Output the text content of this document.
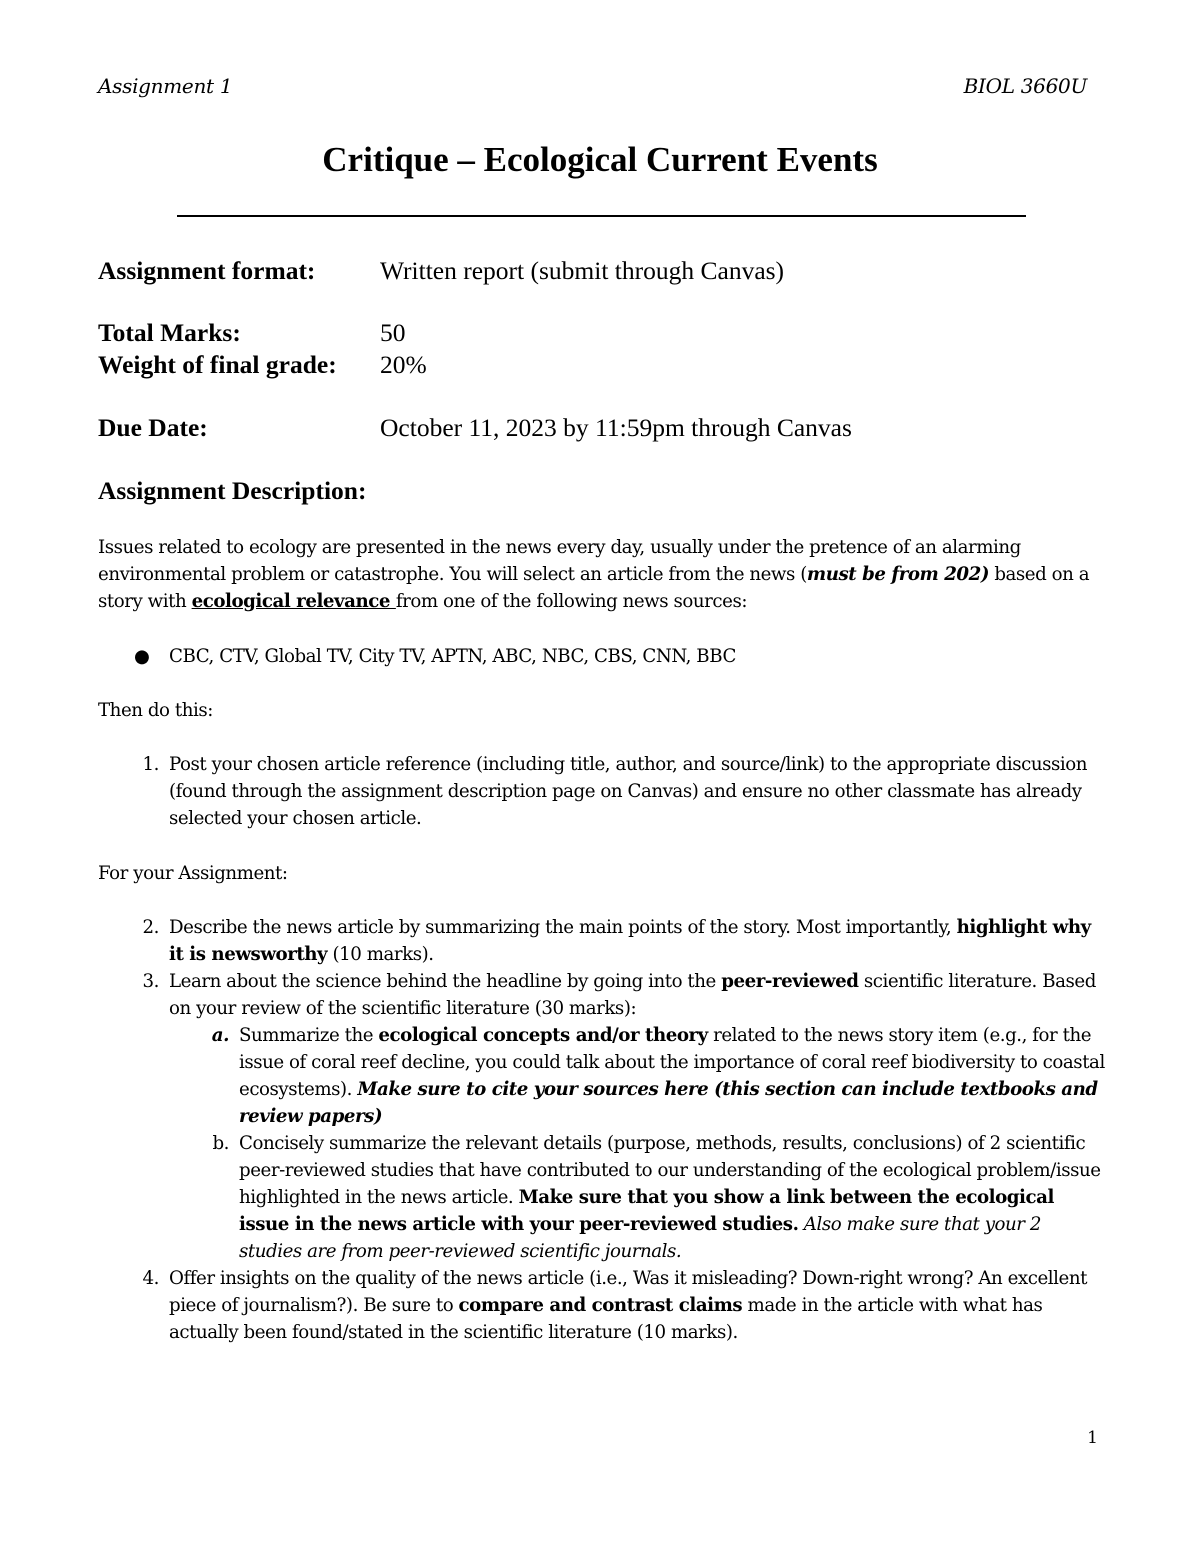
Assignment 1	BIOL 3660U
Critique – Ecological Current Events
Assignment format:	Written report (submit through Canvas)
Total Marks:	50
Weight of final grade:	20%
Due Date:	October 11, 2023 by 11:59pm through Canvas
Assignment Description:
Issues related to ecology are presented in the news every day, usually under the pretence of an alarming environmental problem or catastrophe. You will select an article from the news (must be from 202) based on a story with ecological relevance from one of the following news sources:
●	CBC, CTV, Global TV, City TV, APTN, ABC, NBC, CBS, CNN, BBC
Then do this:
1. Post your chosen article reference (including title, author, and source/link) to the appropriate discussion (found through the assignment description page on Canvas) and ensure no other classmate has already selected your chosen article.
For your Assignment:
2. Describe the news article by summarizing the main points of the story. Most importantly, highlight why it is newsworthy (10 marks).
3. Learn about the science behind the headline by going into the peer-reviewed scientific literature. Based on your review of the scientific literature (30 marks):
a. Summarize the ecological concepts and/or theory related to the news story item (e.g., for the issue of coral reef decline, you could talk about the importance of coral reef biodiversity to coastal ecosystems). Make sure to cite your sources here (this section can include textbooks and review papers)
b. Concisely summarize the relevant details (purpose, methods, results, conclusions) of 2 scientific peer-reviewed studies that have contributed to our understanding of the ecological problem/issue highlighted in the news article. Make sure that you show a link between the ecological issue in the news article with your peer-reviewed studies. Also make sure that your 2 studies are from peer-reviewed scientific journals.
4. Offer insights on the quality of the news article (i.e., Was it misleading? Down-right wrong? An excellent piece of journalism?). Be sure to compare and contrast claims made in the article with what has actually been found/stated in the scientific literature (10 marks).
1
